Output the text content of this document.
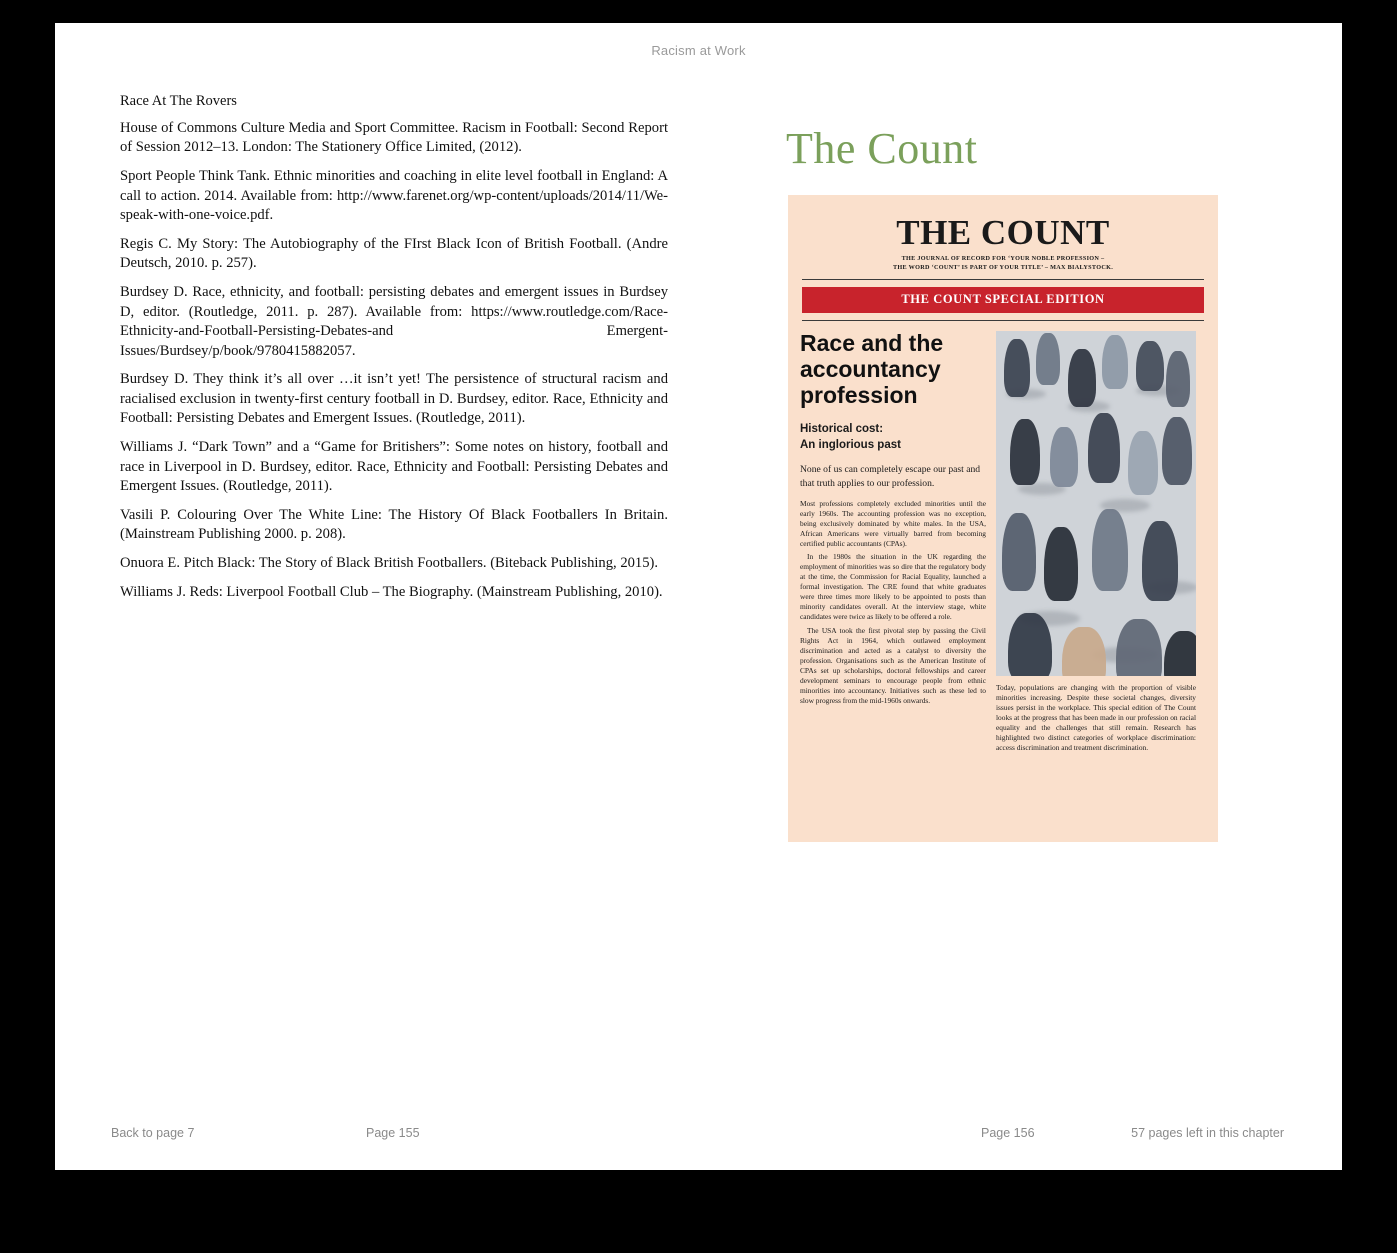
Racism at Work
Race At The Rovers
House of Commons Culture Media and Sport Committee. Racism in Football: Second Report of Session 2012–13. London: The Stationery Office Limited, (2012).
Sport People Think Tank. Ethnic minorities and coaching in elite level football in England: A call to action. 2014. Available from: http://www.farenet.org/wp-content/uploads/2014/11/We-speak-with-one-voice.pdf.
Regis C. My Story: The Autobiography of the FIrst Black Icon of British Football. (Andre Deutsch, 2010. p. 257).
Burdsey D. Race, ethnicity, and football: persisting debates and emergent issues in Burdsey D, editor. (Routledge, 2011. p. 287). Available from: https://www.routledge.com/Race-Ethnicity-and-Football-Persisting-Debates-and Emergent-Issues/Burdsey/p/book/9780415882057.
Burdsey D. They think it’s all over …it isn’t yet! The persistence of structural racism and racialised exclusion in twenty-first century football in D. Burdsey, editor. Race, Ethnicity and Football: Persisting Debates and Emergent Issues. (Routledge, 2011).
Williams J. “Dark Town” and a “Game for Britishers”: Some notes on history, football and race in Liverpool in D. Burdsey, editor. Race, Ethnicity and Football: Persisting Debates and Emergent Issues. (Routledge, 2011).
Vasili P. Colouring Over The White Line: The History Of Black Footballers In Britain. (Mainstream Publishing 2000. p. 208).
Onuora E. Pitch Black: The Story of Black British Footballers. (Biteback Publishing, 2015).
Williams J. Reds: Liverpool Football Club – The Biography. (Mainstream Publishing, 2010).
The Count
THE COUNT
THE JOURNAL OF RECORD FOR ‘YOUR NOBLE PROFESSION –
THE WORD ‘COUNT’ IS PART OF YOUR TITLE’ – MAX BIALYSTOCK.
THE COUNT SPECIAL EDITION
Race and the accountancy profession
Historical cost:
An inglorious past
None of us can completely escape our past and that truth applies to our profession.

Most professions completely excluded minorities until the early 1960s. The accounting profession was no exception, being exclusively dominated by white males. In the USA, African Americans were virtually barred from becoming certified public accountants (CPAs).

In the 1980s the situation in the UK regarding the employment of minorities was so dire that the regulatory body at the time, the Commission for Racial Equality, launched a formal investigation. The CRE found that white graduates were three times more likely to be appointed to posts than minority candidates overall. At the interview stage, white candidates were twice as likely to be offered a role.

The USA took the first pivotal step by passing the Civil Rights Act in 1964, which outlawed employment discrimination and acted as a catalyst to diversity the profession. Organisations such as the American Institute of CPAs set up scholarships, doctoral fellowships and career development seminars to encourage people from ethnic minorities into accountancy. Initiatives such as these led to slow progress from the mid-1960s onwards.

Today, populations are changing with the proportion of visible minorities increasing. Despite these societal changes, diversity issues persist in the workplace. This special edition of The Count looks at the progress that has been made in our profession on racial equality and the challenges that still remain. Research has highlighted two distinct categories of workplace discrimination: access discrimination and treatment discrimination.
Back to page 7	Page 155	Page 156	57 pages left in this chapter
